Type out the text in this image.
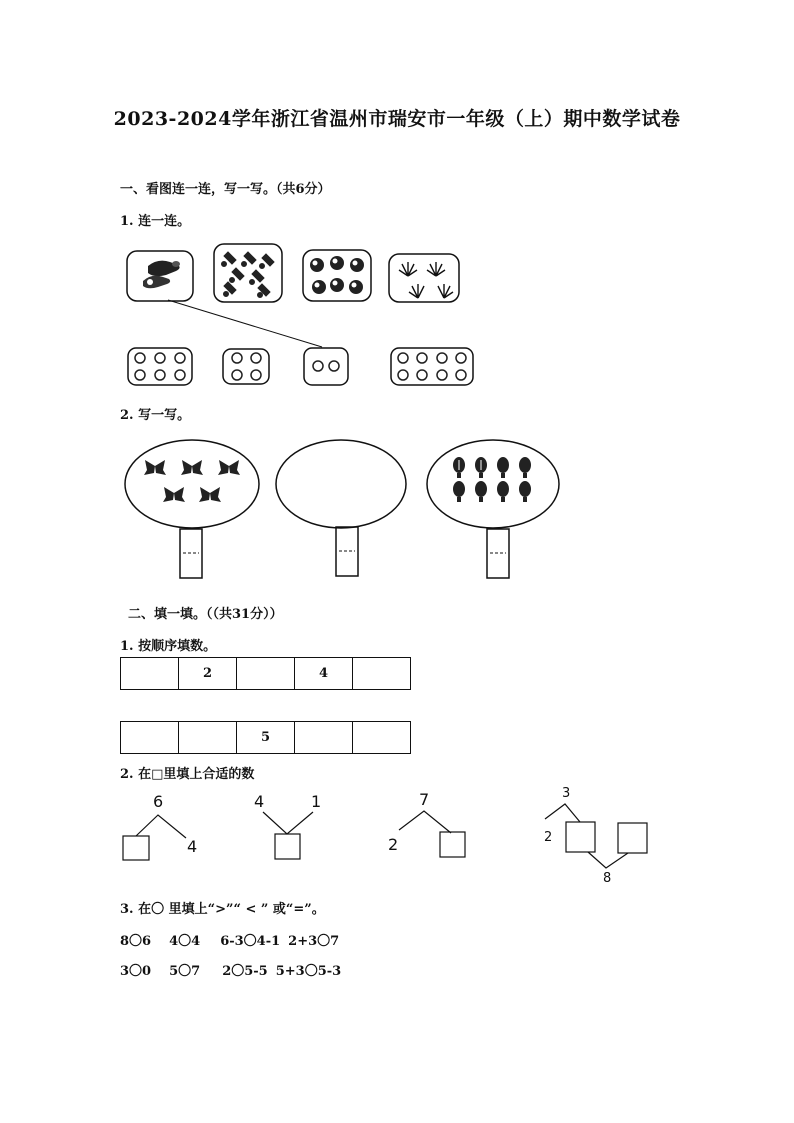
2023-2024学年浙江省温州市瑞安市一年级（上）期中数学试卷
一、看图连一连，写一写。（共6分）
1. 连一连。
2. 写一写。
二、填一填。（（共31分））
1. 按顺序填数。
	2		4	
		5		
2. 在□里填上合适的数
6
4
4	1	7
2
3
2
8
3. 在〇 里填上“>”“ < ” 或“=”。
8〇6 4〇4 6-3〇4-1 2+3〇7
3〇0 5〇7 2〇5-5 5+3〇5-3
